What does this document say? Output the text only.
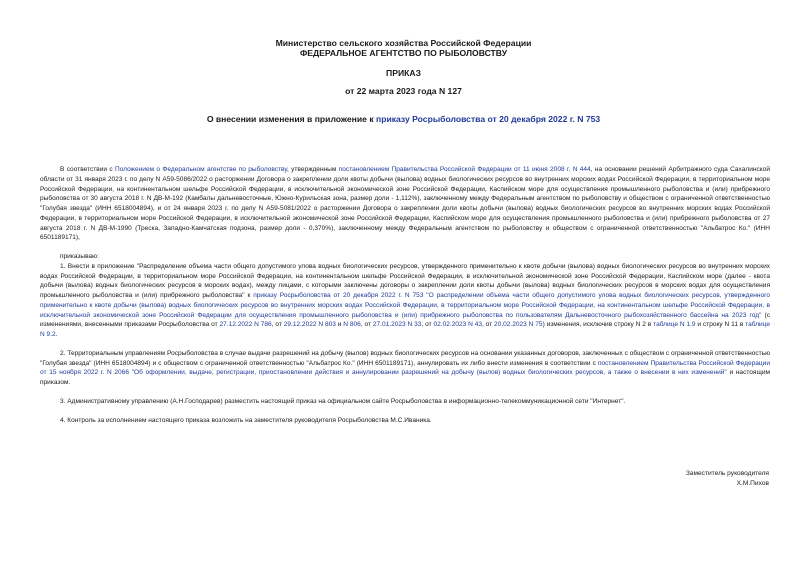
Министерство сельского хозяйства Российской Федерации
ФЕДЕРАЛЬНОЕ АГЕНТСТВО ПО РЫБОЛОВСТВУ
ПРИКАЗ
от 22 марта 2023 года N 127
О внесении изменения в приложение к приказу Росрыболовства от 20 декабря 2022 г. N 753

В соответствии с Положением о Федеральном агентстве по рыболовству, утвержденным постановлением Правительства Российской Федерации от 11 июня 2008 г. N 444, на основании решений Арбитражного суда Сахалинской области от 31 января 2023 г. по делу N А59-5086/2022 о расторжении Договора о закреплении доли квоты добычи (вылова) водных биологических ресурсов во внутренних морских водах Российской Федерации, в территориальном море Российской Федерации, на континентальном шельфе Российской Федерации, в исключительной экономической зоне Российской Федерации, Каспийском море для осуществления промышленного рыболовства и (или) прибрежного рыболовства от 30 августа 2018 г. N ДВ-М-192 (Камбалы дальневосточные, Южно-Курильская зона, размер доли - 1,112%), заключенному между Федеральным агентством по рыболовству и обществом с ограниченной ответственностью "Голубая звезда" (ИНН 6518004894), и от 24 января 2023 г. по делу N А59-5081/2022 о расторжении Договора о закреплении доли квоты добычи (вылова) водных биологических ресурсов во внутренних морских водах Российской Федерации, в территориальном море Российской Федерации, в исключительной экономической зоне Российской Федерации, Каспийском море для осуществления промышленного рыболовства и (или) прибрежного рыболовства от 27 августа 2018 г. N ДВ-М-1990 (Треска, Западно-Камчатская подзона, размер доли - 0,370%), заключенному между Федеральным агентством по рыболовству и обществом с ограниченной ответственностью "Альбатрос Ко." (ИНН 6501189171),

приказываю:

1. Внести в приложение "Распределение объема части общего допустимого улова водных биологических ресурсов, утвержденного применительно к квоте добычи (вылова) водных биологических ресурсов во внутренних морских водах Российской Федерации, в территориальном море Российской Федерации, на континентальном шельфе Российской Федерации, в исключительной экономической зоне Российской Федерации, Каспийском море (далее - квота добычи (вылова) водных биологических ресурсов в морских водах), между лицами, с которыми заключены договоры о закреплении доли квоты добычи (вылова) водных биологических ресурсов в морских водах для осуществления промышленного рыболовства и (или) прибрежного рыболовства" к приказу Росрыболовства от 20 декабря 2022 г. N 753 "О распределении объема части общего допустимого улова водных биологических ресурсов, утвержденного применительно к квоте добычи (вылова) водных биологических ресурсов во внутренних морских водах Российской Федерации, в территориальном море Российской Федерации, на континентальном шельфе Российской Федерации, в исключительной экономической зоне Российской Федерации для осуществления промышленного рыболовства и (или) прибрежного рыболовства по пользователям Дальневосточного рыбохозяйственного бассейна на 2023 год" (с изменениями, внесенными приказами Росрыболовства от 27.12.2022 N 786, от 29.12.2022 N 803 и N 806, от 27.01.2023 N 33, от 02.02.2023 N 43, от 20.02.2023 N 75) изменения, исключив строку N 2 в таблице N 1.9 и строку N 11 в таблице N 9.2.

2. Территориальным управлениям Росрыболовства в случае выдачи разрешений на добычу (вылов) водных биологических ресурсов на основании указанных договоров, заключенных с обществом с ограниченной ответственностью "Голубая звезда" (ИНН 6518004894) и с обществом с ограниченной ответственностью "Альбатрос Ко." (ИНН 6501189171), аннулировать их либо внести изменения в соответствии с постановлением Правительства Российской Федерации от 15 ноября 2022 г. N 2066 "Об оформлении, выдаче, регистрации, приостановлении действия и аннулировании разрешений на добычу (вылов) водных биологических ресурсов, а также о внесении в них изменений" и настоящим приказом.

3. Административному управлению (А.Н.Господарев) разместить настоящий приказ на официальном сайте Росрыболовства в информационно-телекоммуникационной сети "Интернет".

4. Контроль за исполнением настоящего приказа возложить на заместителя руководителя Росрыболовства М.С.Иваника.

Заместитель руководителя
Х.М.Пихов
